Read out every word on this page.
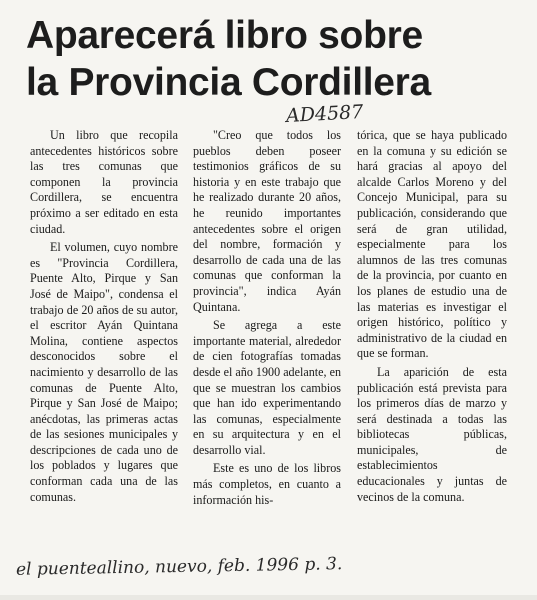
Aparecerá libro sobre
la Provincia Cordillera
AD4587

Un libro que recopila antecedentes históricos sobre las tres comunas que componen la provincia Cordillera, se encuentra próximo a ser editado en esta ciudad.

El volumen, cuyo nombre es "Provincia Cordillera, Puente Alto, Pirque y San José de Maipo", condensa el trabajo de 20 años de su autor, el escritor Ayán Quintana Molina, contiene aspectos desconocidos sobre el nacimiento y desarrollo de las comunas de Puente Alto, Pirque y San José de Maipo; anécdotas, las primeras actas de las sesiones municipales y descripciones de cada uno de los poblados y lugares que conforman cada una de las comunas.

"Creo que todos los pueblos deben poseer testimonios gráficos de su historia y en este trabajo que he realizado durante 20 años, he reunido importantes antecedentes sobre el origen del nombre, formación y desarrollo de cada una de las comunas que conforman la provincia", indica Ayán Quintana.

Se agrega a este importante material, alrededor de cien fotografías tomadas desde el año 1900 adelante, en que se muestran los cambios que han ido experimentando las comunas, especialmente en su arquitectura y en el desarrollo vial.

Este es uno de los libros más completos, en cuanto a información his-

tórica, que se haya publicado en la comuna y su edición se hará gracias al apoyo del alcalde Carlos Moreno y del Concejo Municipal, para su publicación, considerando que será de gran utilidad, especialmente para los alumnos de las tres comunas de la provincia, por cuanto en los planes de estudio una de las materias es investigar el origen histórico, político y administrativo de la ciudad en que se forman.

La aparición de esta publicación está prevista para los primeros días de marzo y será destinada a todas las bibliotecas públicas, municipales, de establecimientos educacionales y juntas de vecinos de la comuna.

el puenteallino, nuevo, feb. 1996 p. 3.
